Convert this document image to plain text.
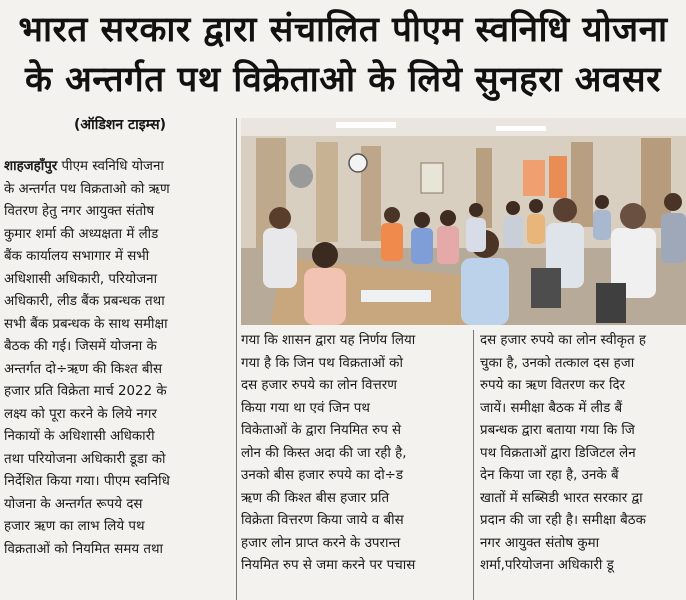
भारत सरकार द्वारा संचालित पीएम स्वनिधि योजना
के अन्तर्गत पथ विक्रेताओ के लिये सुनहरा अवसर
(ऑडिशन टाइम्स)

शाहजहाँपुर पीएम स्वनिधि योजना

के अन्तर्गत पथ विक्रताओ को ऋण

वितरण हेतु नगर आयुक्त संतोष

कुमार शर्मा की अध्यक्षता में लीड

बैंक कार्यालय सभागार में सभी

अधिशासी अधिकारी, परियोजना

अधिकारी, लीड बैंक प्रबन्धक तथा

सभी बैंक प्रबन्धक के साथ समीक्षा

बैठक की गई। जिसमें योजना के

अन्तर्गत दो÷ऋण की किश्त बीस

हजार प्रति विक्रेता मार्च 2022 के

लक्ष्य को पूरा करने के लिये नगर

निकायों के अधिशासी अधिकारी

तथा परियोजना अधिकारी डूडा को

निर्देशित किया गया। पीएम स्वनिधि

योजना के अन्तर्गत रूपये दस

हजार ऋण का लाभ लिये पथ

विक्रताओं को नियमित समय तथा

गया कि शासन द्वारा यह निर्णय लिया

गया है कि जिन पथ विक्रताओं को

दस हजार रुपये का लोन वित्तरण

किया गया था एवं जिन पथ

विकेताओं के द्वारा नियमित रुप से

लोन की किस्त अदा की जा रही है,

उनको बीस हजार रुपये का दो÷ड

ऋण की किश्त बीस हजार प्रति

विक्रेता वित्तरण किया जाये व बीस

हजार लोन प्राप्त करने के उपरान्त

नियमित रुप से जमा करने पर पचास

दस हजार रुपये का लोन स्वीकृत ह

चुका है, उनको तत्काल दस हजा

रुपये का ऋण वितरण कर दिर

जायें। समीक्षा बैठक में लीड बैं

प्रबन्धक द्वारा बताया गया कि जि

पथ विक्रताओं द्वारा डिजिटल लेन

देन किया जा रहा है, उनके बैं

खातों में सब्सिडी भारत सरकार द्वा

प्रदान की जा रही है। समीक्षा बैठक

नगर आयुक्त संतोष कुमा

शर्मा,परियोजना अधिकारी डू
